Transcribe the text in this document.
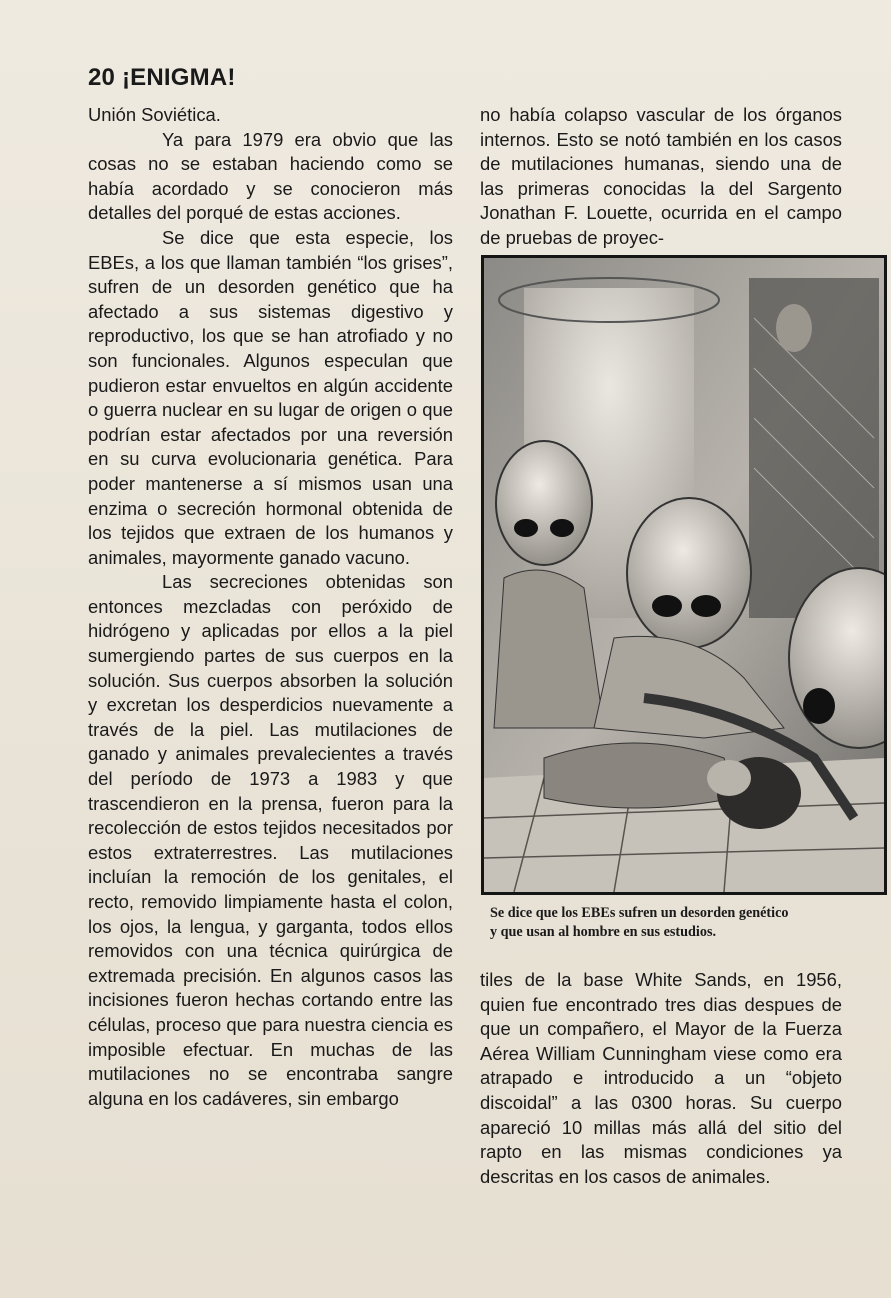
20 ¡ENIGMA!

Unión Soviética.

Ya para 1979 era obvio que las cosas no se estaban haciendo como se había acordado y se conocieron más detalles del porqué de estas acciones.

Se dice que esta especie, los EBEs, a los que llaman también “los grises”, sufren de un desorden genético que ha afectado a sus sistemas digestivo y reproductivo, los que se han atrofiado y no son funcionales. Algunos especulan que pudieron estar envueltos en algún accidente o guerra nuclear en su lugar de origen o que podrían estar afectados por una reversión en su curva evolucionaria genética. Para poder mantenerse a sí mismos usan una enzima o secreción hormonal obtenida de los tejidos que extraen de los humanos y animales, mayormente ganado vacuno.

Las secreciones obtenidas son entonces mezcladas con peróxido de hidrógeno y aplicadas por ellos a la piel sumergiendo partes de sus cuerpos en la solución. Sus cuerpos absorben la solución y excretan los desperdicios nuevamente a través de la piel. Las mutilaciones de ganado y animales prevalecientes a través del período de 1973 a 1983 y que trascendieron en la prensa, fueron para la recolección de estos tejidos necesitados por estos extraterrestres. Las mutilaciones incluían la remoción de los genitales, el recto, removido limpiamente hasta el colon, los ojos, la lengua, y garganta, todos ellos removidos con una técnica quirúrgica de extremada precisión. En algunos casos las incisiones fueron hechas cortando entre las células, proceso que para nuestra ciencia es imposible efectuar. En muchas de las mutilaciones no se encontraba sangre alguna en los cadáveres, sin embargo

no había colapso vascular de los órganos internos. Esto se notó también en los casos de mutilaciones humanas, siendo una de las primeras conocidas la del Sargento Jonathan F. Louette, ocurrida en el campo de pruebas de proyec-

Se dice que los EBEs sufren un desorden genético
y que usan al hombre en sus estudios.

tiles de la base White Sands, en 1956, quien fue encontrado tres dias despues de que un compañero, el Mayor de la Fuerza Aérea William Cunningham viese como era atrapado e introducido a un “objeto discoidal” a las 0300 horas. Su cuerpo apareció 10 millas más allá del sitio del rapto en las mismas condiciones ya descritas en los casos de animales.
